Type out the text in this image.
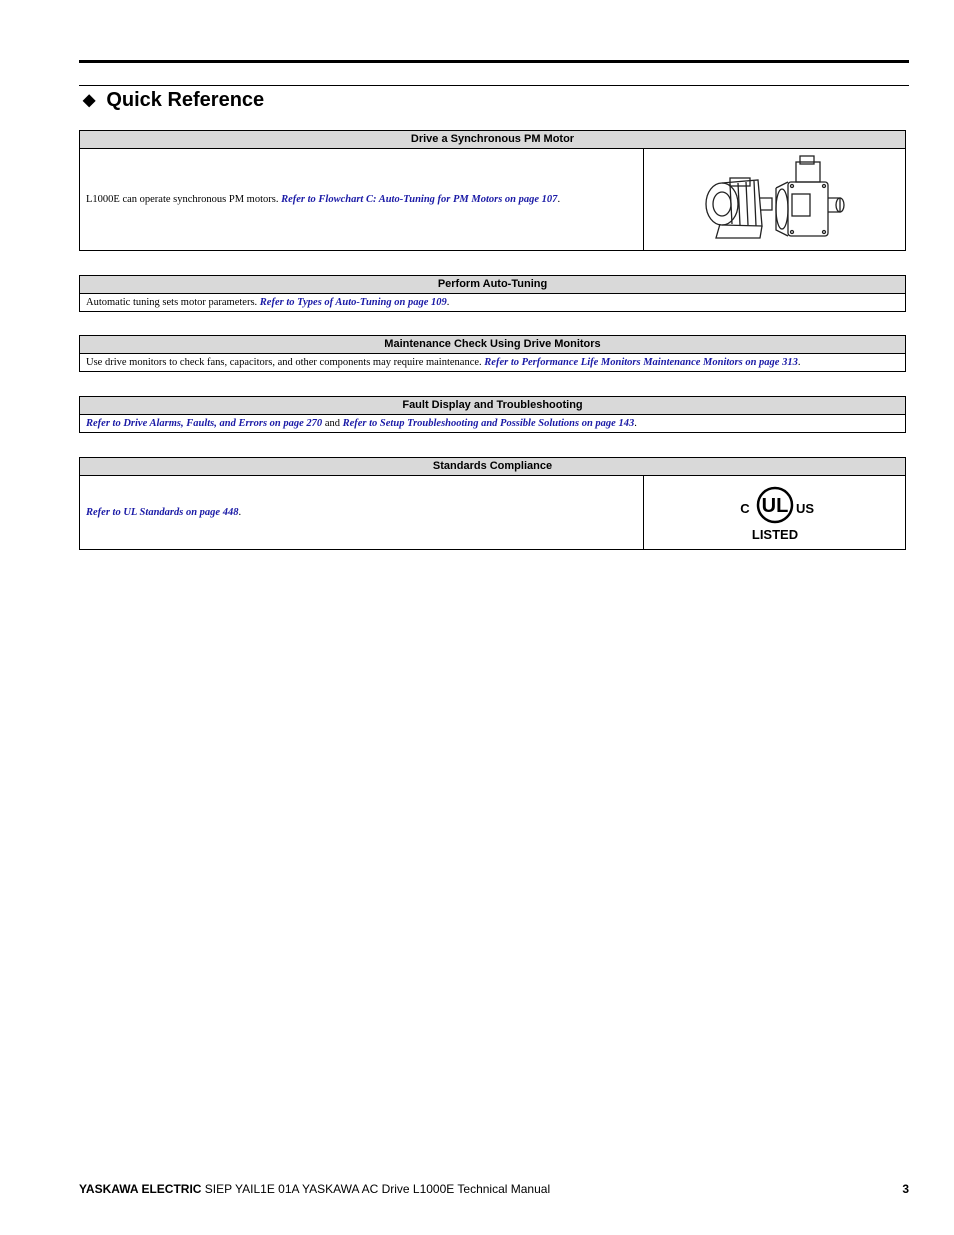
◆ Quick Reference
Drive a Synchronous PM Motor
L1000E can operate synchronous PM motors. Refer to Flowchart C: Auto-Tuning for PM Motors on page 107.
Perform Auto-Tuning
Automatic tuning sets motor parameters. Refer to Types of Auto-Tuning on page 109.
Maintenance Check Using Drive Monitors
Use drive monitors to check fans, capacitors, and other components may require maintenance. Refer to Performance Life Monitors Maintenance Monitors on page 313.
Fault Display and Troubleshooting
Refer to Drive Alarms, Faults, and Errors on page 270 and Refer to Setup Troubleshooting and Possible Solutions on page 143.
Standards Compliance
Refer to UL Standards on page 448.	UL
C	US
LISTED
YASKAWA ELECTRIC SIEP YAIL1E 01A YASKAWA AC Drive L1000E Technical Manual	3
